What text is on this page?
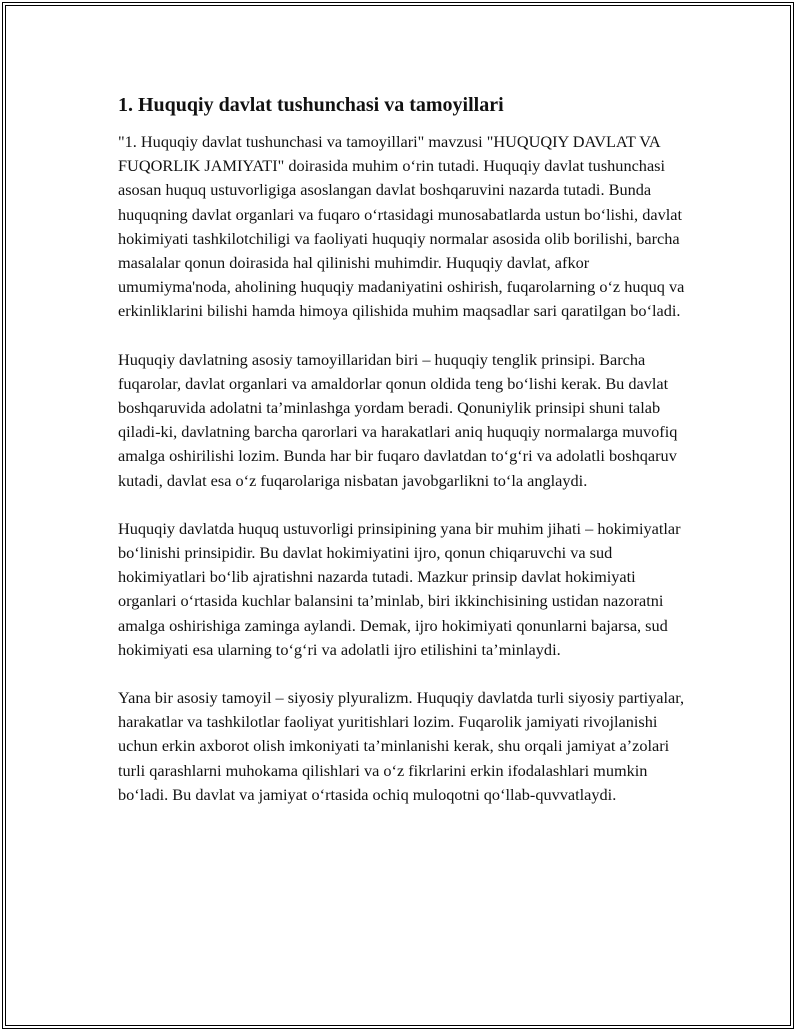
1. Huquqiy davlat tushunchasi va tamoyillari

"1. Huquqiy davlat tushunchasi va tamoyillari" mavzusi "HUQUQIY DAVLAT VA FUQORLIK JAMIYATI" doirasida muhim oʻrin tutadi. Huquqiy davlat tushunchasi asosan huquq ustuvorligiga asoslangan davlat boshqaruvini nazarda tutadi. Bunda huquqning davlat organlari va fuqaro oʻrtasidagi munosabatlarda ustun boʻlishi, davlat hokimiyati tashkilotchiligi va faoliyati huquqiy normalar asosida olib borilishi, barcha masalalar qonun doirasida hal qilinishi muhimdir. Huquqiy davlat, afkor umumiyma'noda, aholining huquqiy madaniyatini oshirish, fuqarolarning oʻz huquq va erkinliklarini bilishi hamda himoya qilishida muhim maqsadlar sari qaratilgan boʻladi.

Huquqiy davlatning asosiy tamoyillaridan biri – huquqiy tenglik prinsipi. Barcha fuqarolar, davlat organlari va amaldorlar qonun oldida teng boʻlishi kerak. Bu davlat boshqaruvida adolatni taʼminlashga yordam beradi. Qonuniylik prinsipi shuni talab qiladi-ki, davlatning barcha qarorlari va harakatlari aniq huquqiy normalarga muvofiq amalga oshirilishi lozim. Bunda har bir fuqaro davlatdan toʻgʻri va adolatli boshqaruv kutadi, davlat esa oʻz fuqarolariga nisbatan javobgarlikni toʻla anglaydi.

Huquqiy davlatda huquq ustuvorligi prinsipining yana bir muhim jihati – hokimiyatlar boʻlinishi prinsipidir. Bu davlat hokimiyatini ijro, qonun chiqaruvchi va sud hokimiyatlari boʻlib ajratishni nazarda tutadi. Mazkur prinsip davlat hokimiyati organlari oʻrtasida kuchlar balansini taʼminlab, biri ikkinchisining ustidan nazoratni amalga oshirishiga zaminga aylandi. Demak, ijro hokimiyati qonunlarni bajarsa, sud hokimiyati esa ularning toʻgʻri va adolatli ijro etilishini taʼminlaydi.

Yana bir asosiy tamoyil – siyosiy plyuralizm. Huquqiy davlatda turli siyosiy partiyalar, harakatlar va tashkilotlar faoliyat yuritishlari lozim. Fuqarolik jamiyati rivojlanishi uchun erkin axborot olish imkoniyati taʼminlanishi kerak, shu orqali jamiyat aʼzolari turli qarashlarni muhokama qilishlari va oʻz fikrlarini erkin ifodalashlari mumkin boʻladi. Bu davlat va jamiyat oʻrtasida ochiq muloqotni qoʻllab-quvvatlaydi.
